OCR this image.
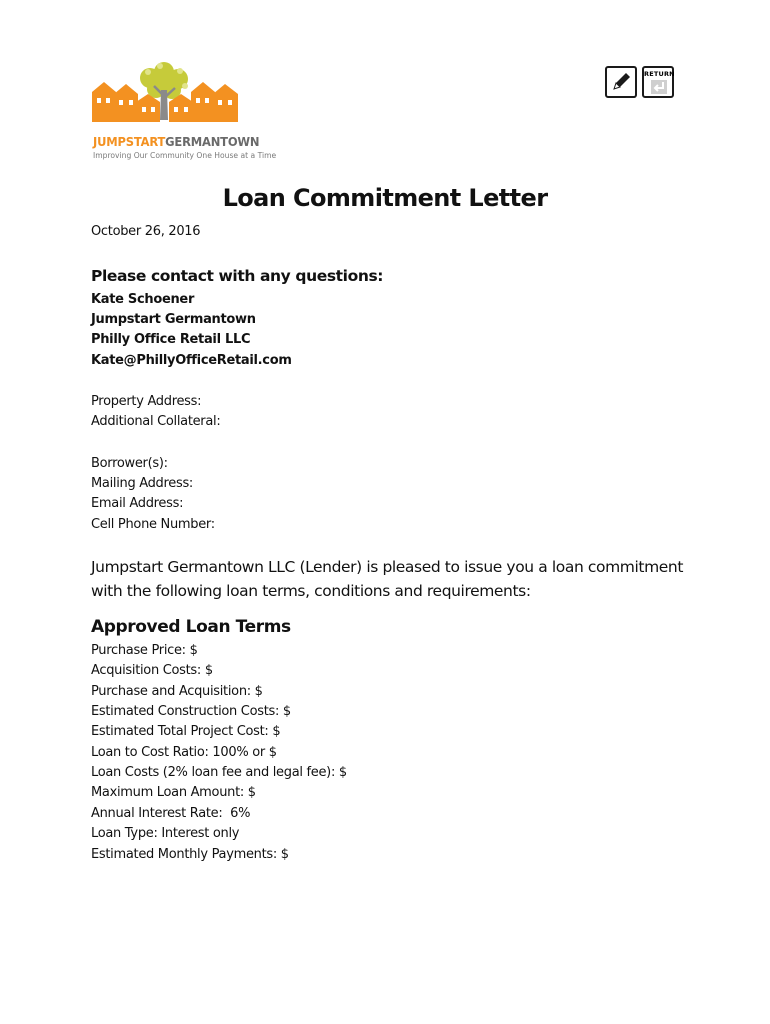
JUMPSTARTGERMANTOWN
Improving Our Community One House at a Time
RETURN
Loan Commitment Letter
October 26, 2016
Please contact with any questions:
Kate Schoener
Jumpstart Germantown
Philly Office Retail LLC
Kate@PhillyOfficeRetail.com
Property Address:
Additional Collateral:
Borrower(s):
Mailing Address:
Email Address:
Cell Phone Number:
Jumpstart Germantown LLC (Lender) is pleased to issue you a loan commitment with the following loan terms, conditions and requirements:
Approved Loan Terms
Purchase Price: $
Acquisition Costs: $
Purchase and Acquisition: $
Estimated Construction Costs: $
Estimated Total Project Cost: $
Loan to Cost Ratio: 100% or $
Loan Costs (2% loan fee and legal fee): $
Maximum Loan Amount: $
Annual Interest Rate:  6%
Loan Type: Interest only
Estimated Monthly Payments: $
